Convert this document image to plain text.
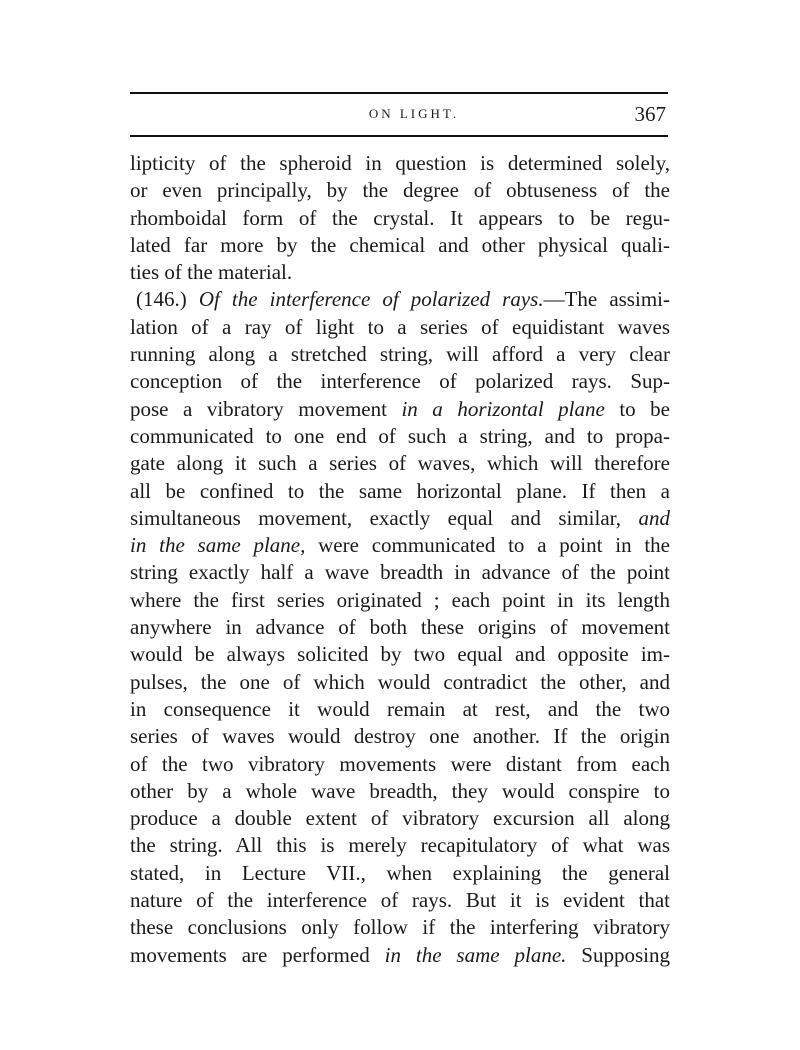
ON LIGHT.	367
lipticity of the spheroid in question is determined solely,
or even principally, by the degree of obtuseness of the
rhomboidal form of the crystal. It appears to be regu-
lated far more by the chemical and other physical quali-
ties of the material.
(146.) Of the interference of polarized rays.—The assimi-
lation of a ray of light to a series of equidistant waves
running along a stretched string, will afford a very clear
conception of the interference of polarized rays. Sup-
pose a vibratory movement in a horizontal plane to be
communicated to one end of such a string, and to propa-
gate along it such a series of waves, which will therefore
all be confined to the same horizontal plane. If then a
simultaneous movement, exactly equal and similar, and
in the same plane, were communicated to a point in the
string exactly half a wave breadth in advance of the point
where the first series originated ; each point in its length
anywhere in advance of both these origins of movement
would be always solicited by two equal and opposite im-
pulses, the one of which would contradict the other, and
in consequence it would remain at rest, and the two
series of waves would destroy one another. If the origin
of the two vibratory movements were distant from each
other by a whole wave breadth, they would conspire to
produce a double extent of vibratory excursion all along
the string. All this is merely recapitulatory of what was
stated, in Lecture VII., when explaining the general
nature of the interference of rays. But it is evident that
these conclusions only follow if the interfering vibratory
movements are performed in the same plane. Supposing
